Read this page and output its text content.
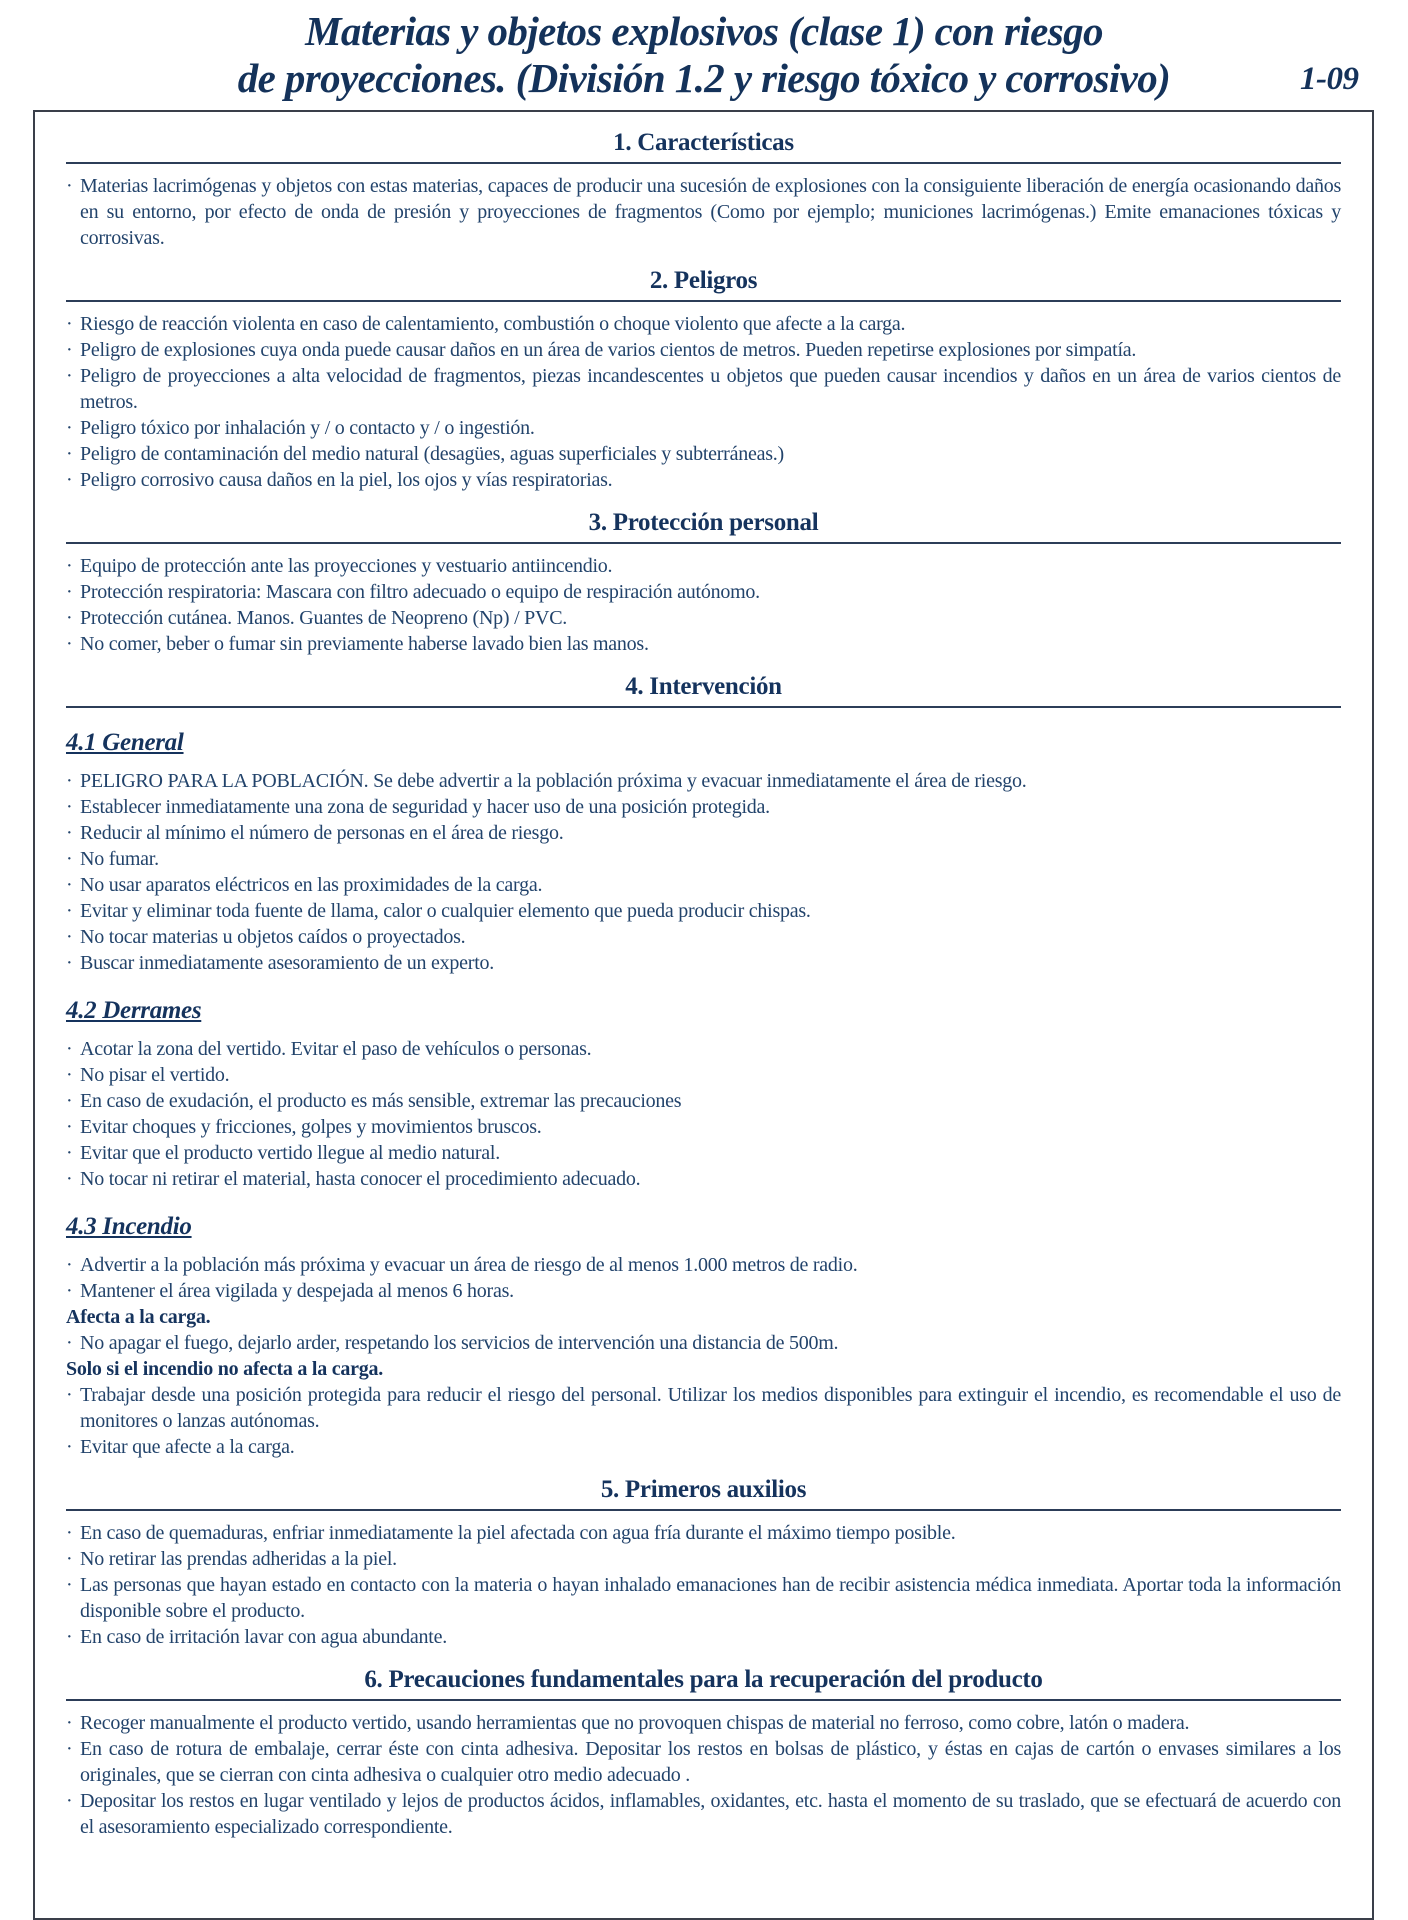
Materias y objetos explosivos (clase 1) con riesgo
de proyecciones. (División 1.2 y riesgo tóxico y corrosivo)	1-09
1. Características
· Materias lacrimógenas y objetos con estas materias, capaces de producir una sucesión de explosiones con la consiguiente liberación de energía ocasionando daños en su entorno, por efecto de onda de presión y proyecciones de fragmentos (Como por ejemplo; municiones lacrimógenas.) Emite emanaciones tóxicas y corrosivas.
2. Peligros
· Riesgo de reacción violenta en caso de calentamiento, combustión o choque violento que afecte a la carga.
· Peligro de explosiones cuya onda puede causar daños en un área de varios cientos de metros. Pueden repetirse explosiones por simpatía.
· Peligro de proyecciones a alta velocidad de fragmentos, piezas incandescentes u objetos que pueden causar incendios y daños en un área de varios cientos de metros.
· Peligro tóxico por inhalación y / o contacto y / o ingestión.
· Peligro de contaminación del medio natural (desagües, aguas superficiales y subterráneas.)
· Peligro corrosivo causa daños en la piel, los ojos y vías respiratorias.
3. Protección personal
· Equipo de protección ante las proyecciones y vestuario antiincendio.
· Protección respiratoria: Mascara con filtro adecuado o equipo de respiración autónomo.
· Protección cutánea. Manos. Guantes de Neopreno (Np) / PVC.
· No comer, beber o fumar sin previamente haberse lavado bien las manos.
4. Intervención
4.1 General
· PELIGRO PARA LA POBLACIÓN. Se debe advertir a la población próxima y evacuar inmediatamente el área de riesgo.
· Establecer inmediatamente una zona de seguridad y hacer uso de una posición protegida.
· Reducir al mínimo el número de personas en el área de riesgo.
· No fumar.
· No usar aparatos eléctricos en las proximidades de la carga.
· Evitar y eliminar toda fuente de llama, calor o cualquier elemento que pueda producir chispas.
· No tocar materias u objetos caídos o proyectados.
· Buscar inmediatamente asesoramiento de un experto.
4.2 Derrames
· Acotar la zona del vertido. Evitar el paso de vehículos o personas.
· No pisar el vertido.
· En caso de exudación, el producto es más sensible, extremar las precauciones
· Evitar choques y fricciones, golpes y movimientos bruscos.
· Evitar que el producto vertido llegue al medio natural.
· No tocar ni retirar el material, hasta conocer el procedimiento adecuado.
4.3 Incendio
· Advertir a la población más próxima y evacuar un área de riesgo de al menos 1.000 metros de radio.
· Mantener el área vigilada y despejada al menos 6 horas.
Afecta a la carga.
· No apagar el fuego, dejarlo arder, respetando los servicios de intervención una distancia de 500m.
Solo si el incendio no afecta a la carga.
· Trabajar desde una posición protegida para reducir el riesgo del personal. Utilizar los medios disponibles para extinguir el incendio, es recomendable el uso de monitores o lanzas autónomas.
· Evitar que afecte a la carga.
5. Primeros auxilios
· En caso de quemaduras, enfriar inmediatamente la piel afectada con agua fría durante el máximo tiempo posible.
· No retirar las prendas adheridas a la piel.
· Las personas que hayan estado en contacto con la materia o hayan inhalado emanaciones han de recibir asistencia médica inmediata. Aportar toda la información disponible sobre el producto.
· En caso de irritación lavar con agua abundante.
6. Precauciones fundamentales para la recuperación del producto
· Recoger manualmente el producto vertido, usando herramientas que no provoquen chispas de material no ferroso, como cobre, latón o madera.
· En caso de rotura de embalaje, cerrar éste con cinta adhesiva. Depositar los restos en bolsas de plástico, y éstas en cajas de cartón o envases similares a los originales, que se cierran con cinta adhesiva o cualquier otro medio adecuado .
· Depositar los restos en lugar ventilado y lejos de productos ácidos, inflamables, oxidantes, etc. hasta el momento de su traslado, que se efectuará de acuerdo con el asesoramiento especializado correspondiente.
